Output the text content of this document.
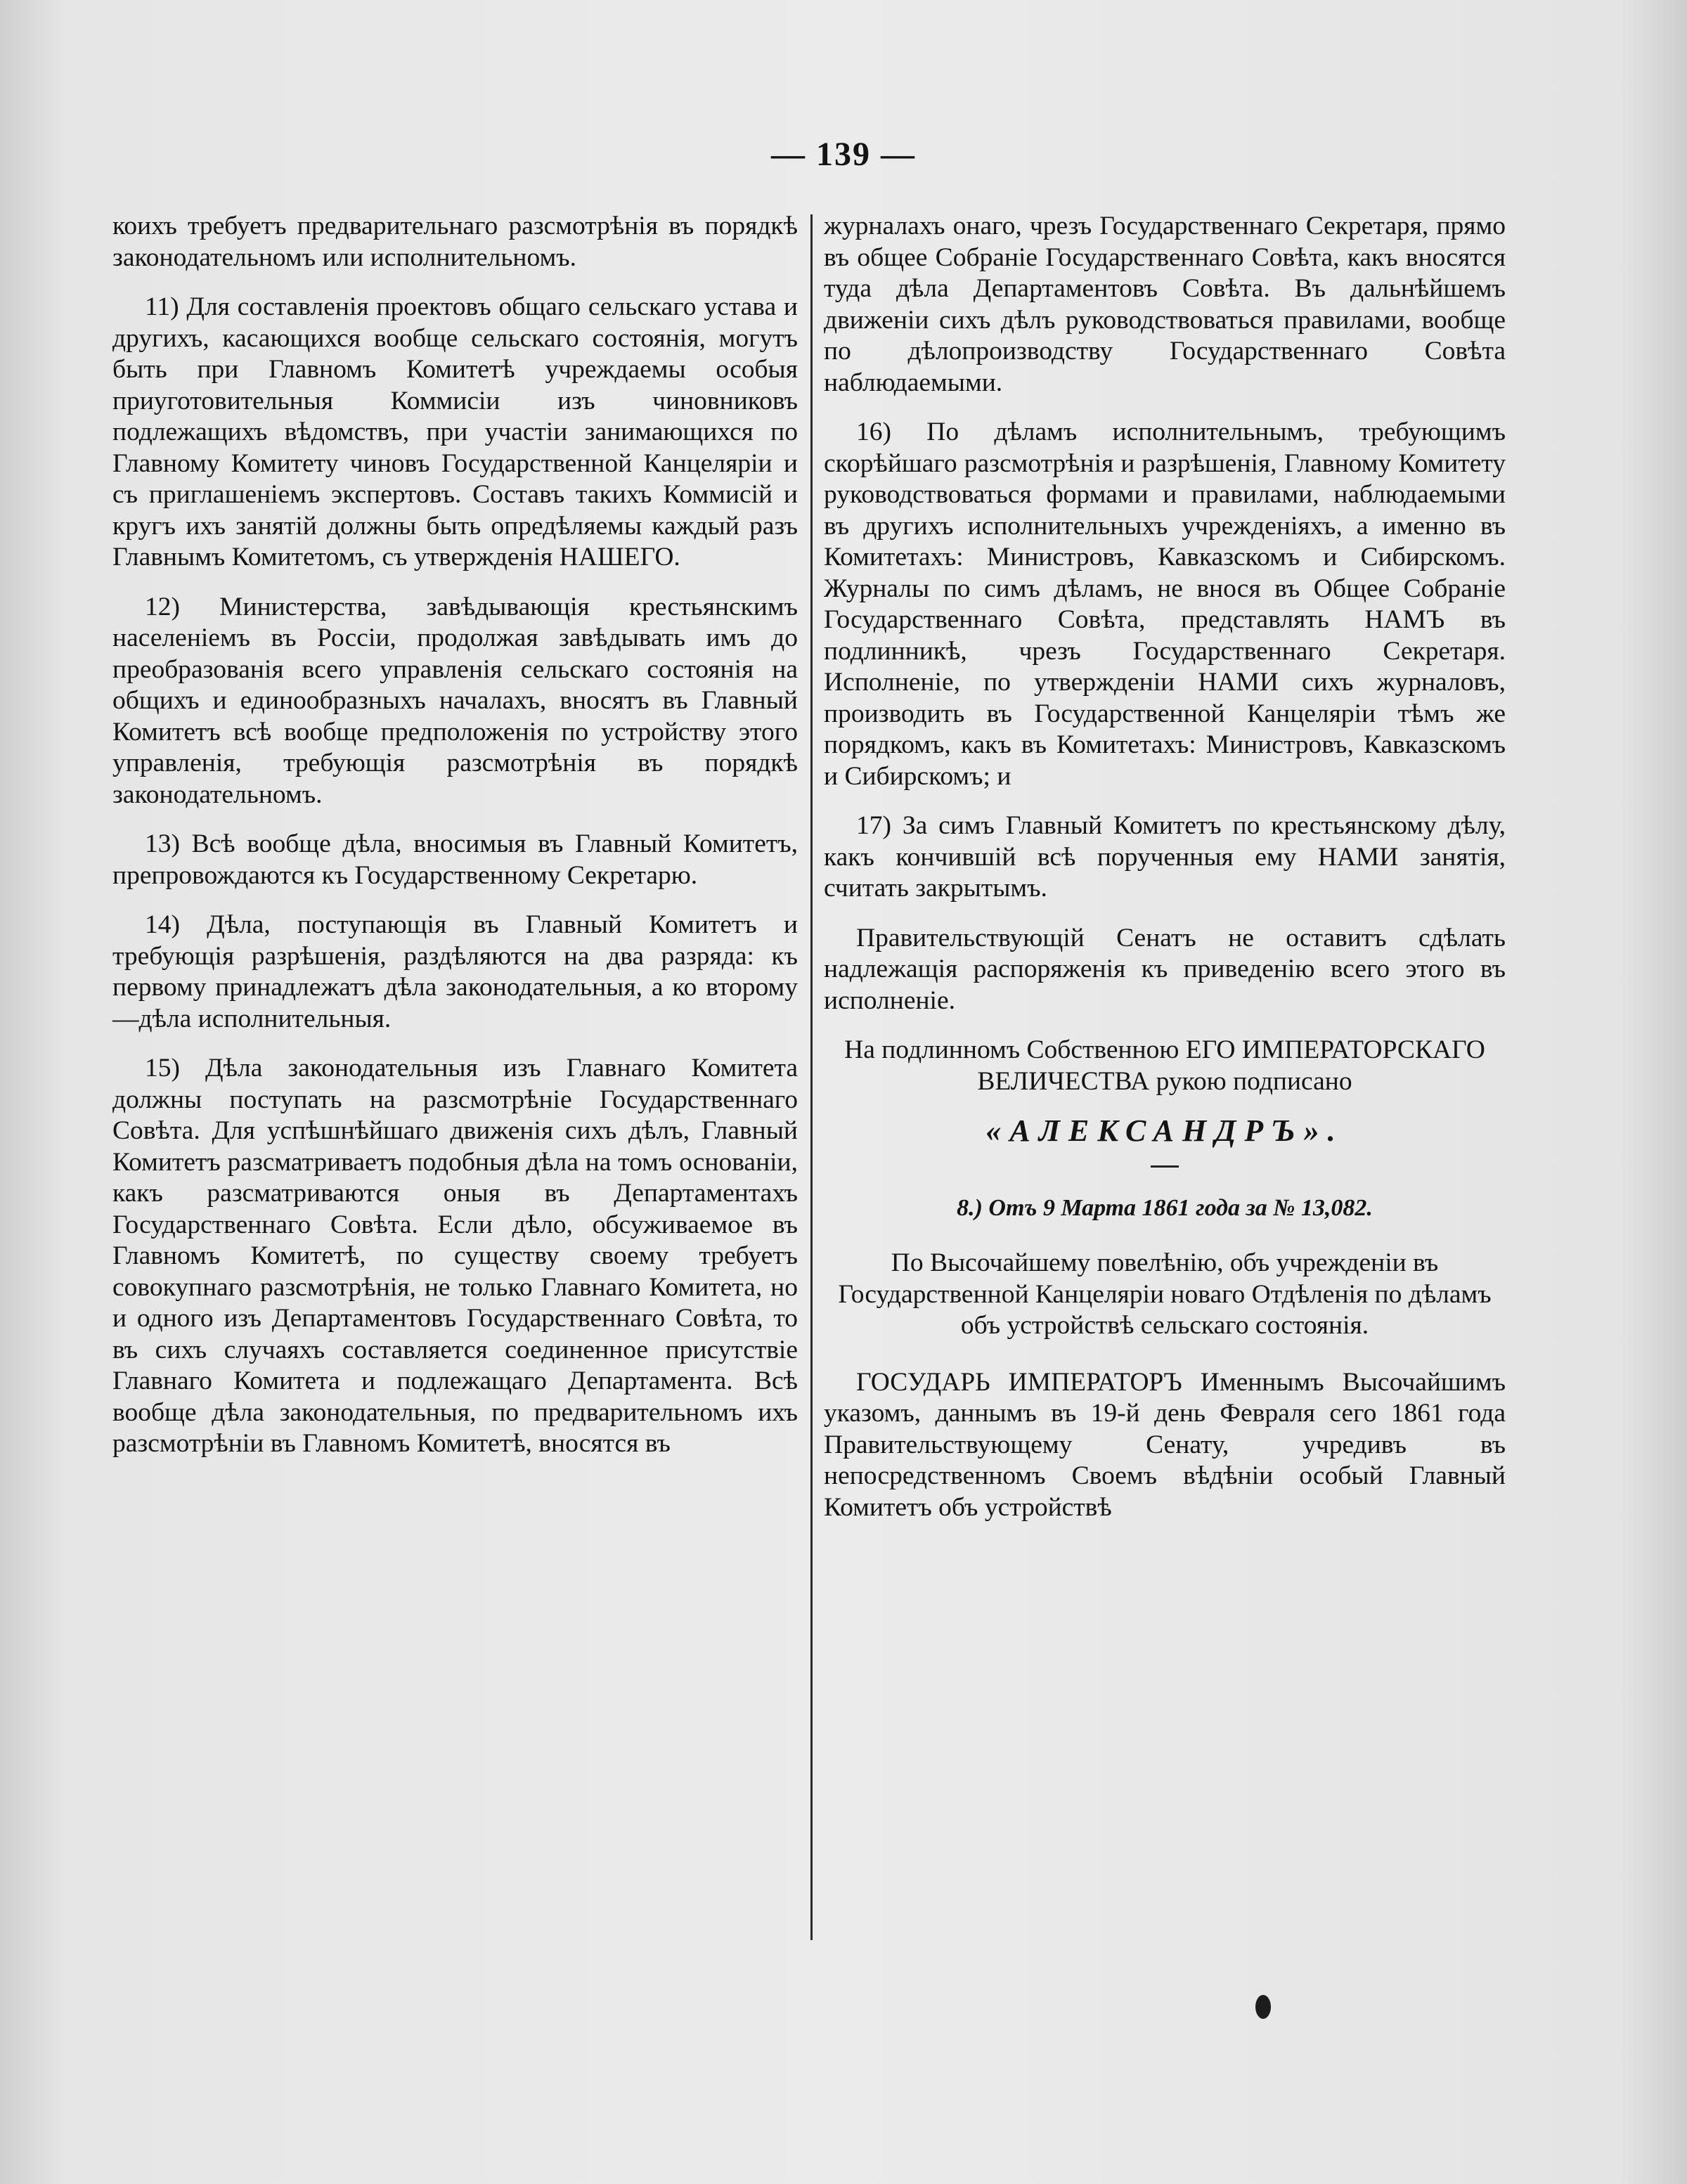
— 139 —

коихъ требуетъ предварительнаго разсмотрѣнія въ порядкѣ законодательномъ или исполнительномъ.

11) Для составленія проектовъ общаго сельскаго устава и другихъ, касающихся вообще сельскаго состоянія, могутъ быть при Главномъ Комитетѣ учреждаемы особыя приуготовительныя Коммисіи изъ чиновниковъ подлежащихъ вѣдомствъ, при участіи занимающихся по Главному Комитету чиновъ Государственной Канцеляріи и съ приглашеніемъ экспертовъ. Составъ такихъ Коммисій и кругъ ихъ занятій должны быть опредѣляемы каждый разъ Главнымъ Комитетомъ, съ утвержденія НАШЕГО.

12) Министерства, завѣдывающія крестьянскимъ населеніемъ въ Россіи, продолжая завѣдывать имъ до преобразованія всего управленія сельскаго состоянія на общихъ и единообразныхъ началахъ, вносятъ въ Главный Комитетъ всѣ вообще предположенія по устройству этого управленія, требующія разсмотрѣнія въ порядкѣ законодательномъ.

13) Всѣ вообще дѣла, вносимыя въ Главный Комитетъ, препровождаются къ Государственному Секретарю.

14) Дѣла, поступающія въ Главный Комитетъ и требующія разрѣшенія, раздѣляются на два разряда: къ первому принадлежатъ дѣла законодательныя, а ко второму—дѣла исполнительныя.

15) Дѣла законодательныя изъ Главнаго Комитета должны поступать на разсмотрѣніе Государственнаго Совѣта. Для успѣшнѣйшаго движенія сихъ дѣлъ, Главный Комитетъ разсматриваетъ подобныя дѣла на томъ основаніи, какъ разсматриваются оныя въ Департаментахъ Государственнаго Совѣта. Если дѣло, обсуживаемое въ Главномъ Комитетѣ, по существу своему требуетъ совокупнаго разсмотрѣнія, не только Главнаго Комитета, но и одного изъ Департаментовъ Государственнаго Совѣта, то въ сихъ случаяхъ составляется соединенное присутствіе Главнаго Комитета и подлежащаго Департамента. Всѣ вообще дѣла законодательныя, по предварительномъ ихъ разсмотрѣніи въ Главномъ Комитетѣ, вносятся въ

журналахъ онаго, чрезъ Государственнаго Секретаря, прямо въ общее Собраніе Государственнаго Совѣта, какъ вносятся туда дѣла Департаментовъ Совѣта. Въ дальнѣйшемъ движеніи сихъ дѣлъ руководствоваться правилами, вообще по дѣлопроизводству Государственнаго Совѣта наблюдаемыми.

16) По дѣламъ исполнительнымъ, требующимъ скорѣйшаго разсмотрѣнія и разрѣшенія, Главному Комитету руководствоваться формами и правилами, наблюдаемыми въ другихъ исполнительныхъ учрежденіяхъ, а именно въ Комитетахъ: Министровъ, Кавказскомъ и Сибирскомъ. Журналы по симъ дѣламъ, не внося въ Общее Собраніе Государственнаго Совѣта, представлять НАМЪ въ подлинникѣ, чрезъ Государственнаго Секретаря. Исполненіе, по утвержденіи НАМИ сихъ журналовъ, производить въ Государственной Канцеляріи тѣмъ же порядкомъ, какъ въ Комитетахъ: Министровъ, Кавказскомъ и Сибирскомъ; и

17) За симъ Главный Комитетъ по крестьянскому дѣлу, какъ кончившій всѣ порученныя ему НАМИ занятія, считать закрытымъ.

Правительствующій Сенатъ не оставитъ сдѣлать надлежащія распоряженія къ приведенію всего этого въ исполненіе.

На подлинномъ Собственною ЕГО ИМПЕРАТОРСКАГО ВЕЛИЧЕСТВА рукою подписано

«АЛЕКСАНДРЪ».

8.) Отъ 9 Марта 1861 года за № 13,082.

По Высочайшему повелѣнію, объ учрежденіи въ Государственной Канцеляріи новаго Отдѣленія по дѣламъ объ устройствѣ сельскаго состоянія.

ГОСУДАРЬ ИМПЕРАТОРЪ Именнымъ Высочайшимъ указомъ, даннымъ въ 19-й день Февраля сего 1861 года Правительствующему Сенату, учредивъ въ непосредственномъ Своемъ вѣдѣніи особый Главный Комитетъ объ устройствѣ
